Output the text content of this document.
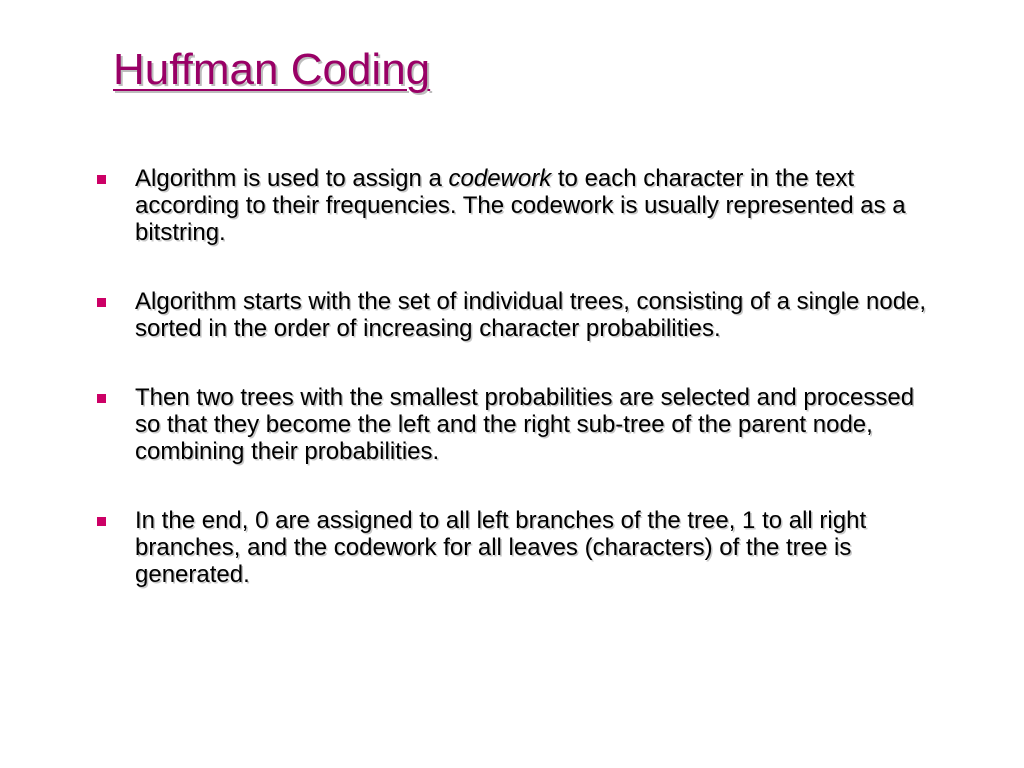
Huffman Coding
Algorithm is used to assign a codework to each character in the text according to their frequencies. The codework is usually represented as a bitstring.
Algorithm starts with the set of individual trees, consisting of a single node, sorted in the order of increasing character probabilities.
Then two trees with the smallest probabilities are selected and processed so that they become the left and the right sub-tree of the parent node, combining their probabilities.
In the end, 0 are assigned to all left branches of the tree, 1 to all right branches, and the codework for all leaves (characters) of the tree is generated.
